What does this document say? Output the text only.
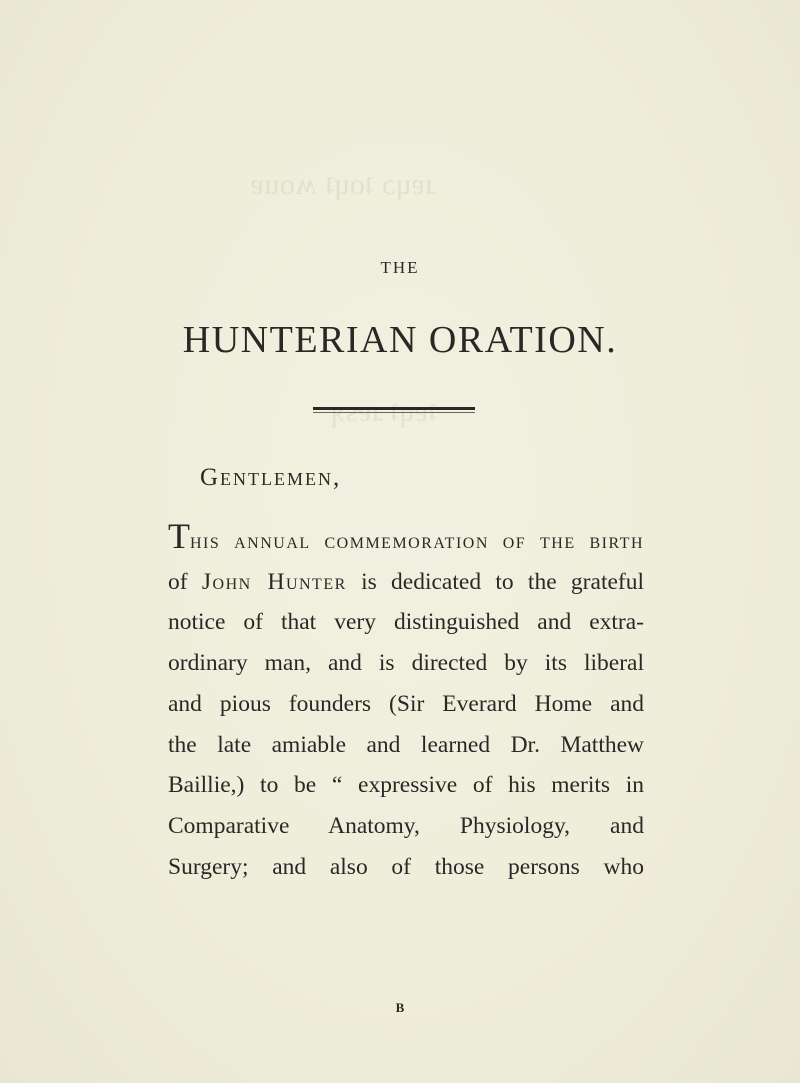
ɹɐɥɔ ʇoɥʇ ʍouɐ
THE
HUNTERIAN ORATION.
Gentlemen,
This annual commemoration of the birth
of John Hunter is dedicated to the grateful
notice of that very distinguished and extra-
ordinary man, and is directed by its liberal
and pious founders (Sir Everard Home and
the late amiable and learned Dr. Matthew
Baillie,) to be “ expressive of his merits in
Comparative Anatomy, Physiology, and
Surgery; and also of those persons who
B
